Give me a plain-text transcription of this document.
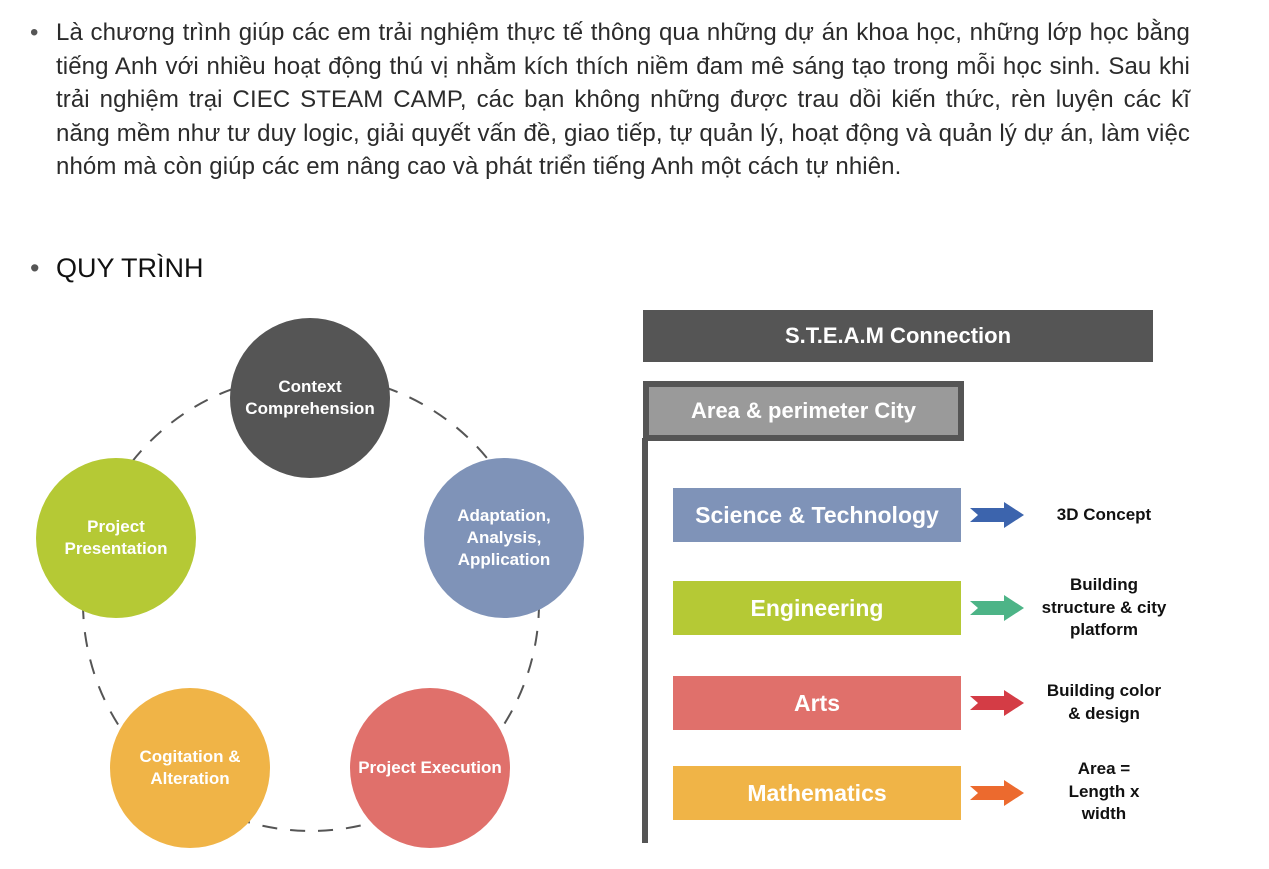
• Là chương trình giúp các em trải nghiệm thực tế thông qua những dự án khoa học, những lớp học bằng tiếng Anh với nhiều hoạt động thú vị nhằm kích thích niềm đam mê sáng tạo trong mỗi học sinh. Sau khi trải nghiệm trại CIEC STEAM CAMP, các bạn không những được trau dồi kiến thức, rèn luyện các kĩ năng mềm như tư duy logic, giải quyết vấn đề, giao tiếp, tự quản lý, hoạt động và quản lý dự án, làm việc nhóm mà còn giúp các em nâng cao và phát triển tiếng Anh một cách tự nhiên.
• QUY TRÌNH
Context
Comprehension
Adaptation,
Analysis,
Application
Project Execution
Cogitation &
Alteration
Project
Presentation
S.T.E.A.M Connection
Area & perimeter City
Science & Technology	3D Concept
Engineering
Building
structure & city
platform
Arts	Building color
& design
Mathematics
Area =
Length x
width
